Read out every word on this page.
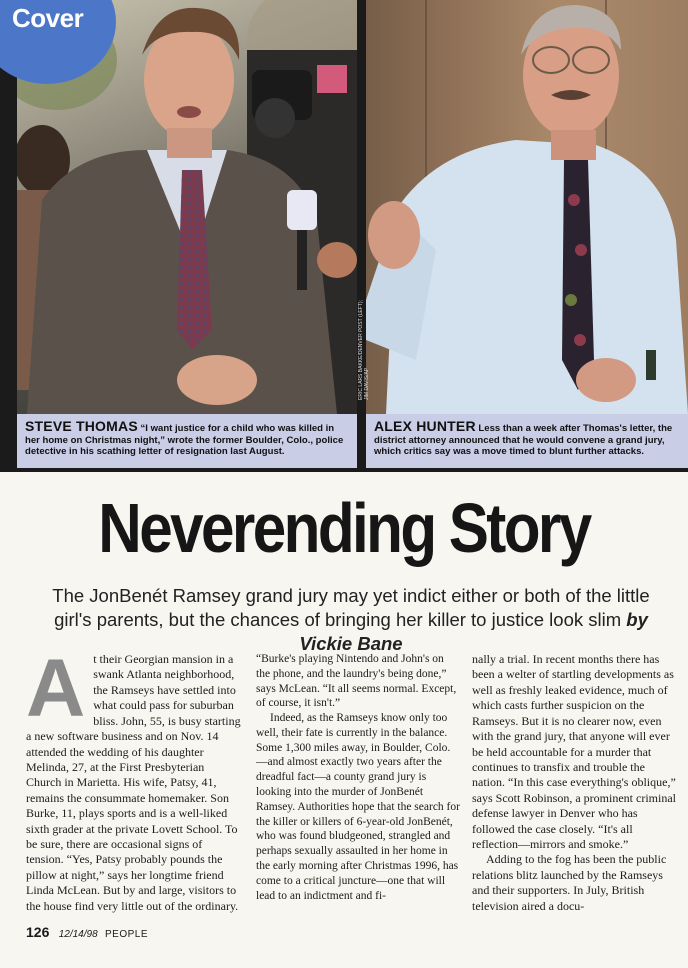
ERIC LARS BAKKE/DENVER POST (LEFT); JIM DAVIS/AP
Cover
STEVE THOMAS “I want justice for a child who was killed in her home on Christmas night,” wrote the former Boulder, Colo., police detective in his scathing letter of resignation last August.
ALEX HUNTER Less than a week after Thomas's letter, the district attorney announced that he would convene a grand jury, which critics say was a move timed to blunt further attacks.
Neverending Story
The JonBenét Ramsey grand jury may yet indict either or both of the little girl's parents, but the chances of bringing her killer to justice look slim by Vickie Bane
A t their Georgian mansion in a swank Atlanta neighborhood, the Ramseys have settled into what could pass for suburban bliss. John, 55, is busy starting a new software business and on Nov. 14 attended the wedding of his daughter Melinda, 27, at the First Presbyterian Church in Marietta. His wife, Patsy, 41, remains the consummate homemaker. Son Burke, 11, plays sports and is a well-liked sixth grader at the private Lovett School. To be sure, there are occasional signs of tension. “Yes, Patsy probably pounds the pillow at night,” says her longtime friend Linda McLean. But by and large, visitors to the house find very little out of the ordinary.

“Burke's playing Nintendo and John's on the phone, and the laundry's being done,” says McLean. “It all seems normal. Except, of course, it isn't.”

Indeed, as the Ramseys know only too well, their fate is currently in the balance. Some 1,300 miles away, in Boulder, Colo.—and almost exactly two years after the dreadful fact—a county grand jury is looking into the murder of JonBenét Ramsey. Authorities hope that the search for the killer or killers of 6-year-old JonBenét, who was found bludgeoned, strangled and perhaps sexually assaulted in her home in the early morning after Christmas 1996, has come to a critical juncture—one that will lead to an indictment and fi-

nally a trial. In recent months there has been a welter of startling developments as well as freshly leaked evidence, much of which casts further suspicion on the Ramseys. But it is no clearer now, even with the grand jury, that anyone will ever be held accountable for a murder that continues to transfix and trouble the nation. “In this case everything's oblique,” says Scott Robinson, a prominent criminal defense lawyer in Denver who has followed the case closely. “It's all reflection—mirrors and smoke.”

Adding to the fog has been the public relations blitz launched by the Ramseys and their supporters. In July, British television aired a docu-

126 12/14/98 PEOPLE
